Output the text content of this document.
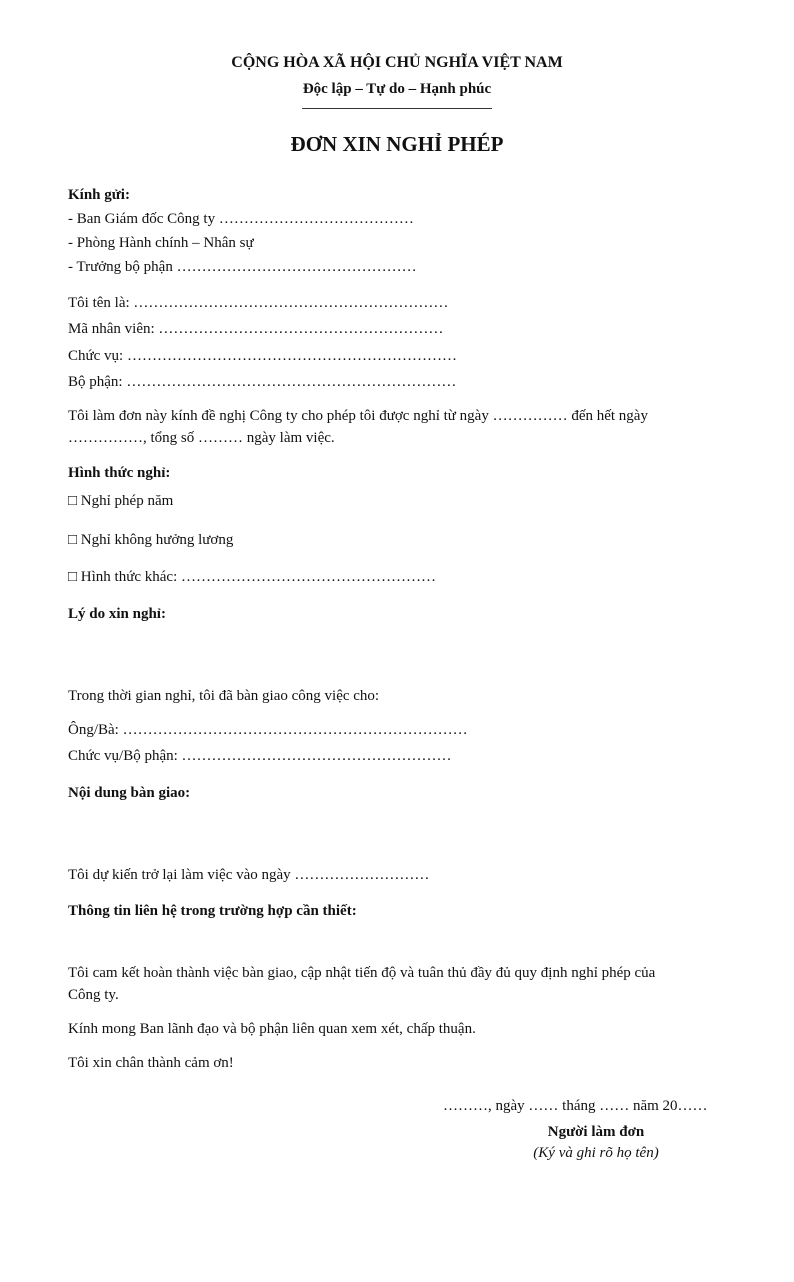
CỘNG HÒA XÃ HỘI CHỦ NGHĨA VIỆT NAM
Độc lập – Tự do – Hạnh phúc
ĐƠN XIN NGHỈ PHÉP
Kính gửi:
- Ban Giám đốc Công ty …………………………………
- Phòng Hành chính – Nhân sự
- Trưởng bộ phận …………………………………………
Tôi tên là: ………………………………………………………
Mã nhân viên: …………………………………………………
Chức vụ: …………………………………………………………
Bộ phận: …………………………………………………………
Tôi làm đơn này kính đề nghị Công ty cho phép tôi được nghỉ từ ngày …………… đến hết ngày
……………, tổng số ……… ngày làm việc.
Hình thức nghỉ:
□ Nghỉ phép năm
□ Nghỉ không hưởng lương
□ Hình thức khác: ……………………………………………
Lý do xin nghỉ:
Trong thời gian nghỉ, tôi đã bàn giao công việc cho:
Ông/Bà: ……………………………………………………………
Chức vụ/Bộ phận: ………………………………………………
Nội dung bàn giao:
Tôi dự kiến trở lại làm việc vào ngày ………………………
Thông tin liên hệ trong trường hợp cần thiết:
Tôi cam kết hoàn thành việc bàn giao, cập nhật tiến độ và tuân thủ đầy đủ quy định nghỉ phép của
Công ty.
Kính mong Ban lãnh đạo và bộ phận liên quan xem xét, chấp thuận.
Tôi xin chân thành cảm ơn!
………, ngày …… tháng …… năm 20……
Người làm đơn
(Ký và ghi rõ họ tên)
